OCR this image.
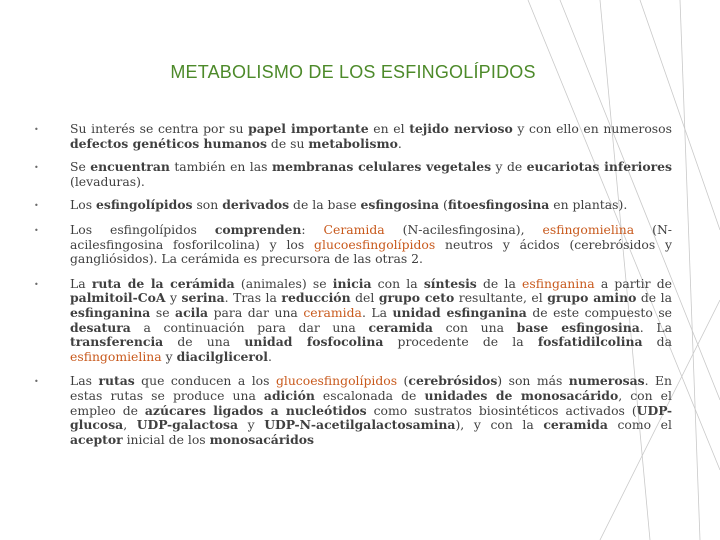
METABOLISMO DE LOS ESFINGOLÍPIDOS
•	Su interés se centra por su papel importante en el tejido nervioso y con ello en numerosos defectos genéticos humanos de su metabolismo.
•	Se encuentran también en las membranas celulares vegetales y de eucariotas inferiores (levaduras).
•	Los esfingolípidos son derivados de la base esfingosina (fitoesfingosina en plantas).
•	Los esfingolípidos comprenden: Ceramida (N-acilesfingosina), esfingomielina (N-acilesfingosina fosforilcolina) y los glucoesfingolípidos neutros y ácidos (cerebrósidos y gangliósidos). La cerámida es precursora de las otras 2.
•	La ruta de la cerámida (animales) se inicia con la síntesis de la esfinganina a partir de palmitoil-CoA y serina. Tras la reducción del grupo ceto resultante, el grupo amino de la esfinganina se acila para dar una ceramida. La unidad esfinganina de este compuesto se desatura a continuación para dar una ceramida con una base esfingosina. La transferencia de una unidad fosfocolina procedente de la fosfatidilcolina da esfingomielina y diacilglicerol.
•	Las rutas que conducen a los glucoesfingolípidos (cerebrósidos) son más numerosas. En estas rutas se produce una adición escalonada de unidades de monosacárido, con el empleo de azúcares ligados a nucleótidos como sustratos biosintéticos activados (UDP-glucosa, UDP-galactosa y UDP-N-acetilgalactosamina), y con la ceramida como el aceptor inicial de los monosacáridos
